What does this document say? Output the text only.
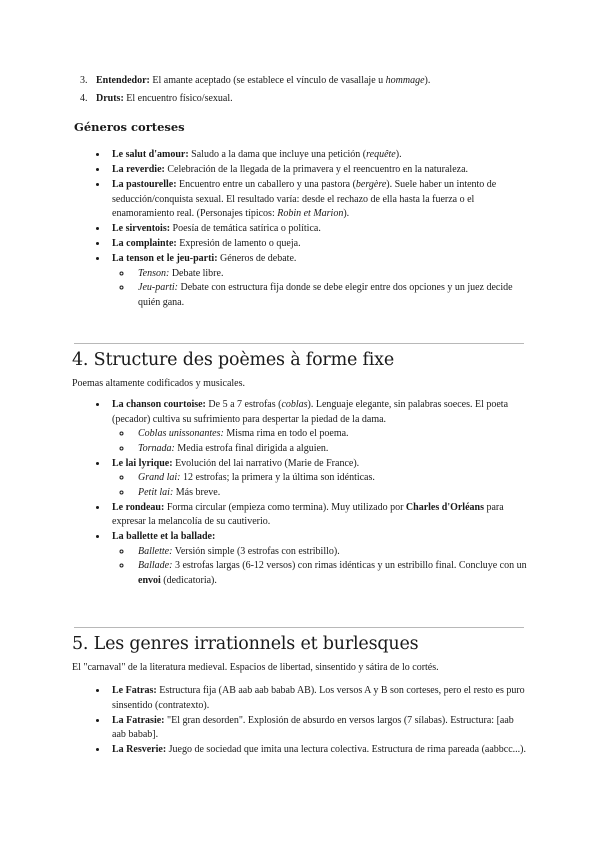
3. Entendedor: El amante aceptado (se establece el vínculo de vasallaje u hommage).
4. Druts: El encuentro físico/sexual.
Géneros corteses
• Le salut d'amour: Saludo a la dama que incluye una petición (requête).
• La reverdie: Celebración de la llegada de la primavera y el reencuentro en la naturaleza.
• La pastourelle: Encuentro entre un caballero y una pastora (bergère). Suele haber un intento de seducción/conquista sexual. El resultado varía: desde el rechazo de ella hasta la fuerza o el enamoramiento real. (Personajes típicos: Robin et Marion).
• Le sirventois: Poesía de temática satírica o política.
• La complainte: Expresión de lamento o queja.
• La tenson et le jeu-parti: Géneros de debate.
◦ Tenson: Debate libre.
◦ Jeu-parti: Debate con estructura fija donde se debe elegir entre dos opciones y un juez decide quién gana.
4. Structure des poèmes à forme fixe
Poemas altamente codificados y musicales.
• La chanson courtoise: De 5 a 7 estrofas (coblas). Lenguaje elegante, sin palabras soeces. El poeta (pecador) cultiva su sufrimiento para despertar la piedad de la dama.
◦ Coblas unissonantes: Misma rima en todo el poema.
◦ Tornada: Media estrofa final dirigida a alguien.
• Le lai lyrique: Evolución del lai narrativo (Marie de France).
◦ Grand lai: 12 estrofas; la primera y la última son idénticas.
◦ Petit lai: Más breve.
• Le rondeau: Forma circular (empieza como termina). Muy utilizado por Charles d'Orléans para expresar la melancolía de su cautiverio.
• La ballette et la ballade:
◦ Ballette: Versión simple (3 estrofas con estribillo).
◦ Ballade: 3 estrofas largas (6-12 versos) con rimas idénticas y un estribillo final. Concluye con un envoi (dedicatoria).
5. Les genres irrationnels et burlesques
El "carnaval" de la literatura medieval. Espacios de libertad, sinsentido y sátira de lo cortés.
• Le Fatras: Estructura fija (AB aab aab babab AB). Los versos A y B son corteses, pero el resto es puro sinsentido (contratexto).
• La Fatrasie: "El gran desorden". Explosión de absurdo en versos largos (7 sílabas). Estructura: [aab aab babab].
• La Resverie: Juego de sociedad que imita una lectura colectiva. Estructura de rima pareada (aabbcc...).
